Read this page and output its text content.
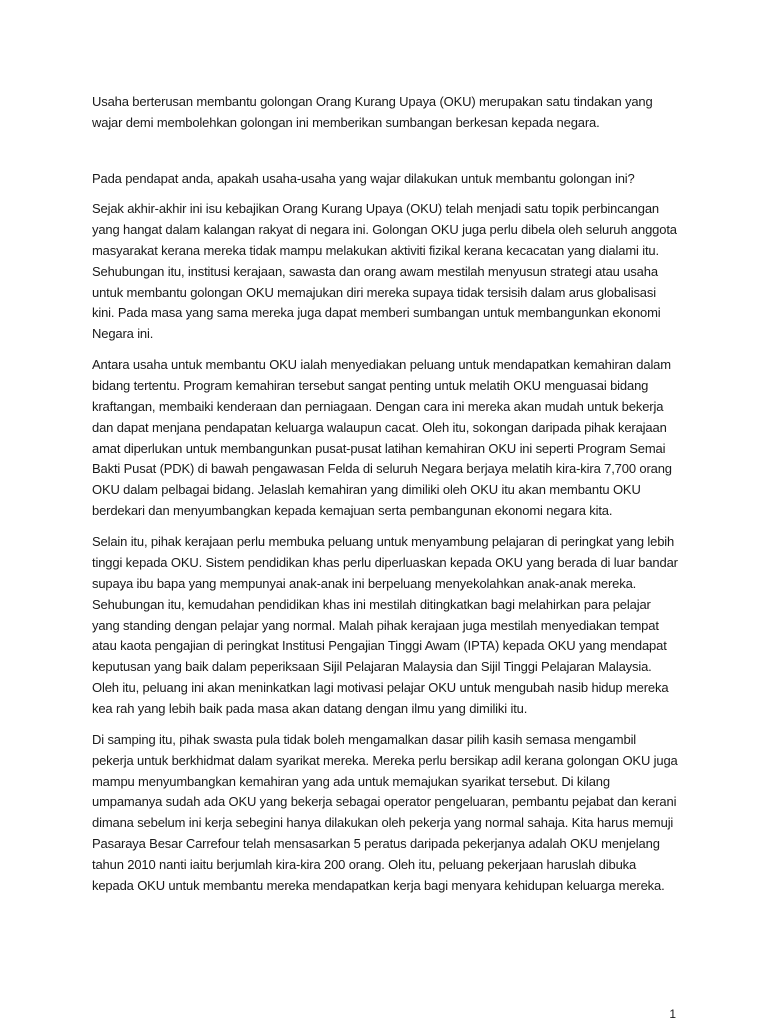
Usaha berterusan membantu golongan Orang Kurang Upaya (OKU) merupakan satu tindakan yang wajar demi membolehkan golongan ini memberikan sumbangan berkesan kepada negara.

Pada pendapat anda, apakah usaha-usaha yang wajar dilakukan untuk membantu golongan ini?

Sejak akhir-akhir ini isu kebajikan Orang Kurang Upaya (OKU) telah menjadi satu topik perbincangan yang hangat dalam kalangan rakyat di negara ini. Golongan OKU juga perlu dibela oleh seluruh anggota masyarakat kerana mereka tidak mampu melakukan aktiviti fizikal kerana kecacatan yang dialami itu. Sehubungan itu, institusi kerajaan, sawasta dan orang awam mestilah menyusun strategi atau usaha untuk membantu golongan OKU memajukan diri mereka supaya tidak tersisih dalam arus globalisasi kini. Pada masa yang sama mereka juga dapat memberi sumbangan untuk membangunkan ekonomi Negara ini.

Antara usaha untuk membantu OKU ialah menyediakan peluang untuk mendapatkan kemahiran dalam bidang tertentu. Program kemahiran tersebut sangat penting untuk melatih OKU menguasai bidang kraftangan, membaiki kenderaan dan perniagaan. Dengan cara ini mereka akan mudah untuk bekerja dan dapat menjana pendapatan keluarga walaupun cacat. Oleh itu, sokongan daripada pihak kerajaan amat diperlukan untuk membangunkan pusat-pusat latihan kemahiran OKU ini seperti Program Semai Bakti Pusat (PDK) di bawah pengawasan Felda di seluruh Negara berjaya melatih kira-kira 7,700 orang OKU dalam pelbagai bidang. Jelaslah kemahiran yang dimiliki oleh OKU itu akan membantu OKU berdekari dan menyumbangkan kepada kemajuan serta pembangunan ekonomi negara kita.

Selain itu, pihak kerajaan perlu membuka peluang untuk menyambung pelajaran di peringkat yang lebih tinggi kepada OKU. Sistem pendidikan khas perlu diperluaskan kepada OKU yang berada di luar bandar supaya ibu bapa yang mempunyai anak-anak ini berpeluang menyekolahkan anak-anak mereka. Sehubungan itu, kemudahan pendidikan khas ini mestilah ditingkatkan bagi melahirkan para pelajar yang standing dengan pelajar yang normal. Malah pihak kerajaan juga mestilah menyediakan tempat atau kaota pengajian di peringkat Institusi Pengajian Tinggi Awam (IPTA) kepada OKU yang mendapat keputusan yang baik dalam peperiksaan Sijil Pelajaran Malaysia dan Sijil Tinggi Pelajaran Malaysia. Oleh itu, peluang ini akan meninkatkan lagi motivasi pelajar OKU untuk mengubah nasib hidup mereka kea rah yang lebih baik pada masa akan datang dengan ilmu yang dimiliki itu.

Di samping itu, pihak swasta pula tidak boleh mengamalkan dasar pilih kasih semasa mengambil pekerja untuk berkhidmat dalam syarikat mereka. Mereka perlu bersikap adil kerana golongan OKU juga mampu menyumbangkan kemahiran yang ada untuk memajukan syarikat tersebut. Di kilang umpamanya sudah ada OKU yang bekerja sebagai operator pengeluaran, pembantu pejabat dan kerani dimana sebelum ini kerja sebegini hanya dilakukan oleh pekerja yang normal sahaja. Kita harus memuji Pasaraya Besar Carrefour telah mensasarkan 5 peratus daripada pekerjanya adalah OKU menjelang tahun 2010 nanti iaitu berjumlah kira-kira 200 orang. Oleh itu, peluang pekerjaan haruslah dibuka kepada OKU untuk membantu mereka mendapatkan kerja bagi menyara kehidupan keluarga mereka.

1
